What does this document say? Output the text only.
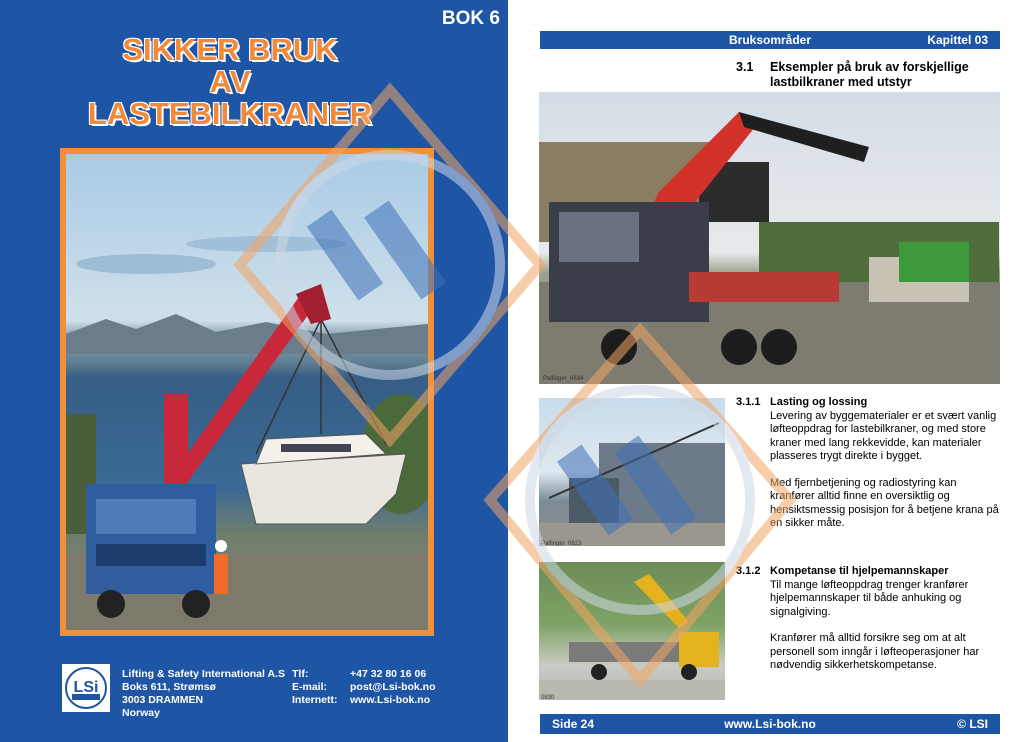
BOK 6
SIKKER BRUK
AV
LASTEBILKRANER
LSi
Lifting & Safety International A.S
Boks 611, Strømsø
3003 DRAMMEN
Norway
Tlf:	+47 32 80 16 06
E-mail:	post@Lsi-bok.no
Internett:	www.Lsi-bok.no
Bruksområder	Kapittel 03
3.1 Eksempler på bruk av forskjellige lastbilkraner med utstyr
Palfinger_0634
Palfinger_0623
0830
3.1.1 Lasting og lossing

Levering av byggematerialer er et svært vanlig løfteoppdrag for lastebilkraner, og med store kraner med lang rekkevidde, kan materialer plasseres trygt direkte i bygget.

Med fjernbetjening og radiostyring kan kranfører alltid finne en oversiktlig og hensiktsmessig posisjon for å betjene krana på en sikker måte.

3.1.2 Kompetanse til hjelpemannskaper

Til mange løfteoppdrag trenger kranfører hjelpemannskaper til både anhuking og signalgiving.

Kranfører må alltid forsikre seg om at alt personell som inngår i løfteoperasjoner har nødvendig sikkerhetskompetanse.

Side 24	www.Lsi-bok.no	© LSI
